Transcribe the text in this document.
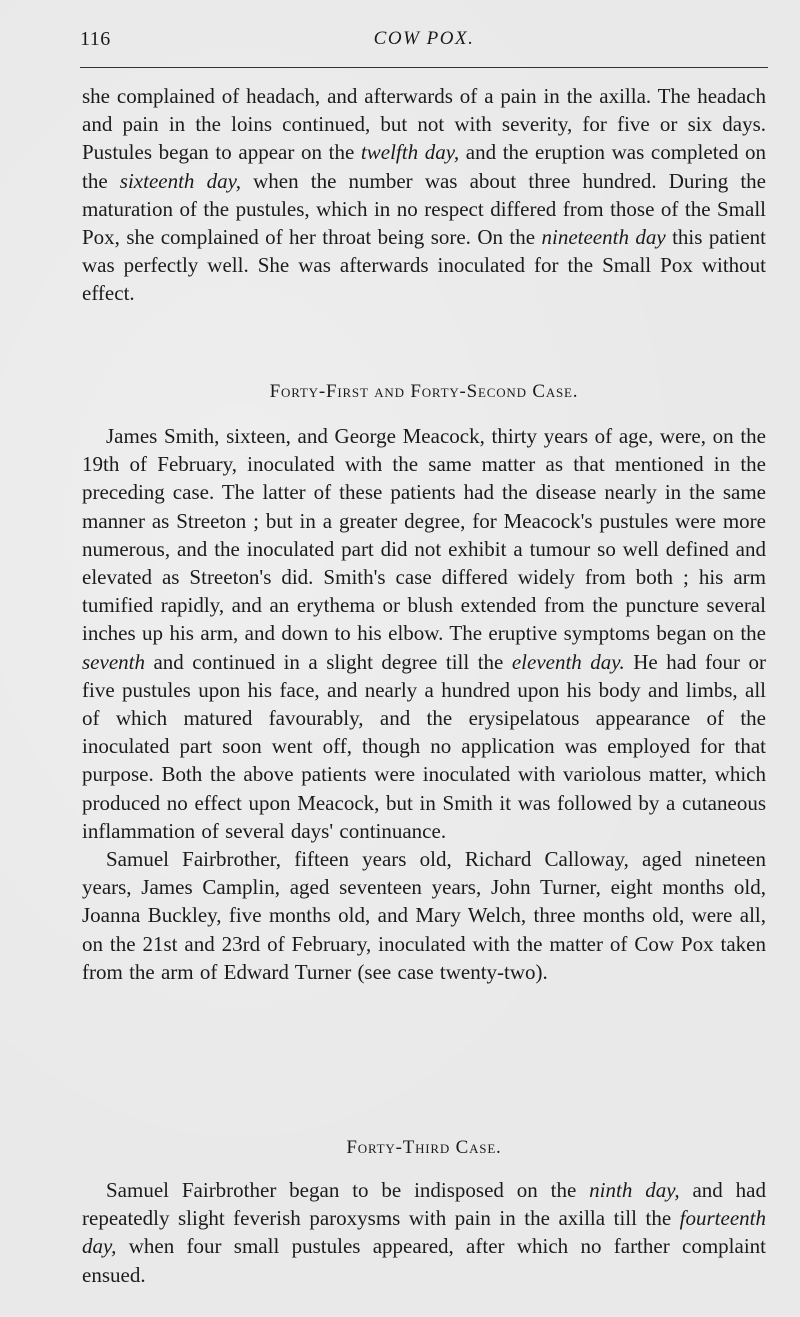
116	COW POX.

she complained of headach, and afterwards of a pain in the axilla. The headach and pain in the loins continued, but not with severity, for five or six days. Pustules began to appear on the twelfth day, and the eruption was completed on the sixteenth day, when the number was about three hundred. During the maturation of the pustules, which in no respect differed from those of the Small Pox, she complained of her throat being sore. On the nineteenth day this patient was perfectly well. She was afterwards inoculated for the Small Pox without effect.

Forty-First and Forty-Second Case.

James Smith, sixteen, and George Meacock, thirty years of age, were, on the 19th of February, inoculated with the same matter as that mentioned in the preceding case. The latter of these patients had the disease nearly in the same manner as Streeton ; but in a greater degree, for Meacock's pustules were more numerous, and the inoculated part did not exhibit a tumour so well defined and elevated as Streeton's did. Smith's case differed widely from both ; his arm tumified rapidly, and an erythema or blush extended from the puncture several inches up his arm, and down to his elbow. The eruptive symptoms began on the seventh and continued in a slight degree till the eleventh day. He had four or five pustules upon his face, and nearly a hundred upon his body and limbs, all of which matured favourably, and the erysipelatous appearance of the inoculated part soon went off, though no application was employed for that purpose. Both the above patients were inoculated with variolous matter, which produced no effect upon Meacock, but in Smith it was followed by a cutaneous inflammation of several days' continuance.

Samuel Fairbrother, fifteen years old, Richard Calloway, aged nineteen years, James Camplin, aged seventeen years, John Turner, eight months old, Joanna Buckley, five months old, and Mary Welch, three months old, were all, on the 21st and 23rd of February, inoculated with the matter of Cow Pox taken from the arm of Edward Turner (see case twenty-two).

Forty-Third Case.

Samuel Fairbrother began to be indisposed on the ninth day, and had repeatedly slight feverish paroxysms with pain in the axilla till the fourteenth day, when four small pustules appeared, after which no farther complaint ensued.
